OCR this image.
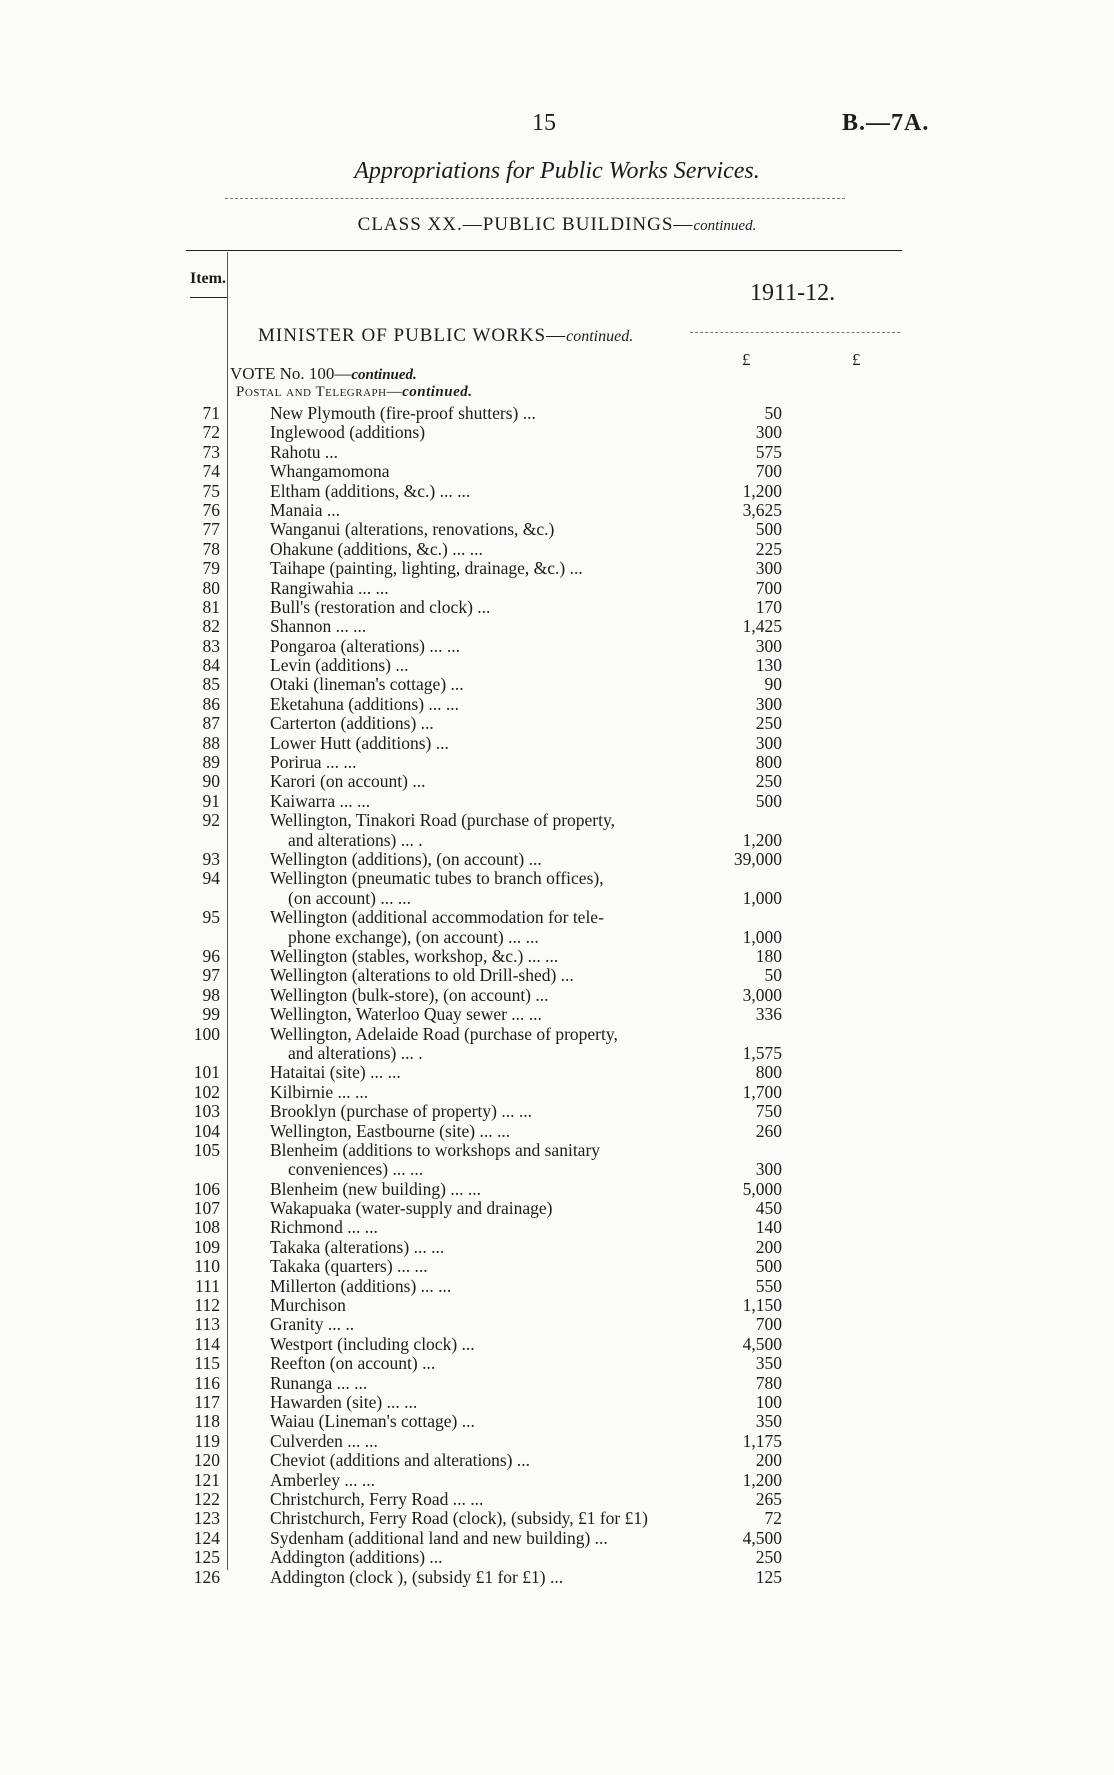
15	B.—7A.
Appropriations for Public Works Services.
CLASS XX.—PUBLIC BUILDINGS—continued.
Item.
1911-12.
MINISTER OF PUBLIC WORKS—continued.
£	£
VOTE No. 100—continued.
Postal and Telegraph—continued.
71	New Plymouth (fire-proof shutters) ...	50
72	Inglewood (additions)	300
73	Rahotu ...	575
74	Whangamomona	700
75	Eltham (additions, &c.) ... ...	1,200
76	Manaia ...	3,625
77	Wanganui (alterations, renovations, &c.)	500
78	Ohakune (additions, &c.) ... ...	225
79	Taihape (painting, lighting, drainage, &c.) ...	300
80	Rangiwahia ... ...	700
81	Bull's (restoration and clock) ...	170
82	Shannon ... ...	1,425
83	Pongaroa (alterations) ... ...	300
84	Levin (additions) ...	130
85	Otaki (lineman's cottage) ...	90
86	Eketahuna (additions) ... ...	300
87	Carterton (additions) ...	250
88	Lower Hutt (additions) ...	300
89	Porirua ... ...	800
90	Karori (on account) ...	250
91	Kaiwarra ... ...	500
92	Wellington, Tinakori Road (purchase of property,
and alterations) ... .	1,200
93	Wellington (additions), (on account) ...	39,000
94	Wellington (pneumatic tubes to branch offices),
(on account) ... ...	1,000
95	Wellington (additional accommodation for tele-
phone exchange), (on account) ... ...	1,000
96	Wellington (stables, workshop, &c.) ... ...	180
97	Wellington (alterations to old Drill-shed) ...	50
98	Wellington (bulk-store), (on account) ...	3,000
99	Wellington, Waterloo Quay sewer ... ...	336
100	Wellington, Adelaide Road (purchase of property,
and alterations) ... .	1,575
101	Hataitai (site) ... ...	800
102	Kilbirnie ... ...	1,700
103	Brooklyn (purchase of property) ... ...	750
104	Wellington, Eastbourne (site) ... ...	260
105	Blenheim (additions to workshops and sanitary
conveniences) ... ...	300
106	Blenheim (new building) ... ...	5,000
107	Wakapuaka (water-supply and drainage)	450
108	Richmond ... ...	140
109	Takaka (alterations) ... ...	200
110	Takaka (quarters) ... ...	500
111	Millerton (additions) ... ...	550
112	Murchison	1,150
113	Granity ... ..	700
114	Westport (including clock) ...	4,500
115	Reefton (on account) ...	350
116	Runanga ... ...	780
117	Hawarden (site) ... ...	100
118	Waiau (Lineman's cottage) ...	350
119	Culverden ... ...	1,175
120	Cheviot (additions and alterations) ...	200
121	Amberley ... ...	1,200
122	Christchurch, Ferry Road ... ...	265
123	Christchurch, Ferry Road (clock), (subsidy, £1 for £1)	72
124	Sydenham (additional land and new building) ...	4,500
125	Addington (additions) ...	250
126	Addington (clock ), (subsidy £1 for £1) ...	125
